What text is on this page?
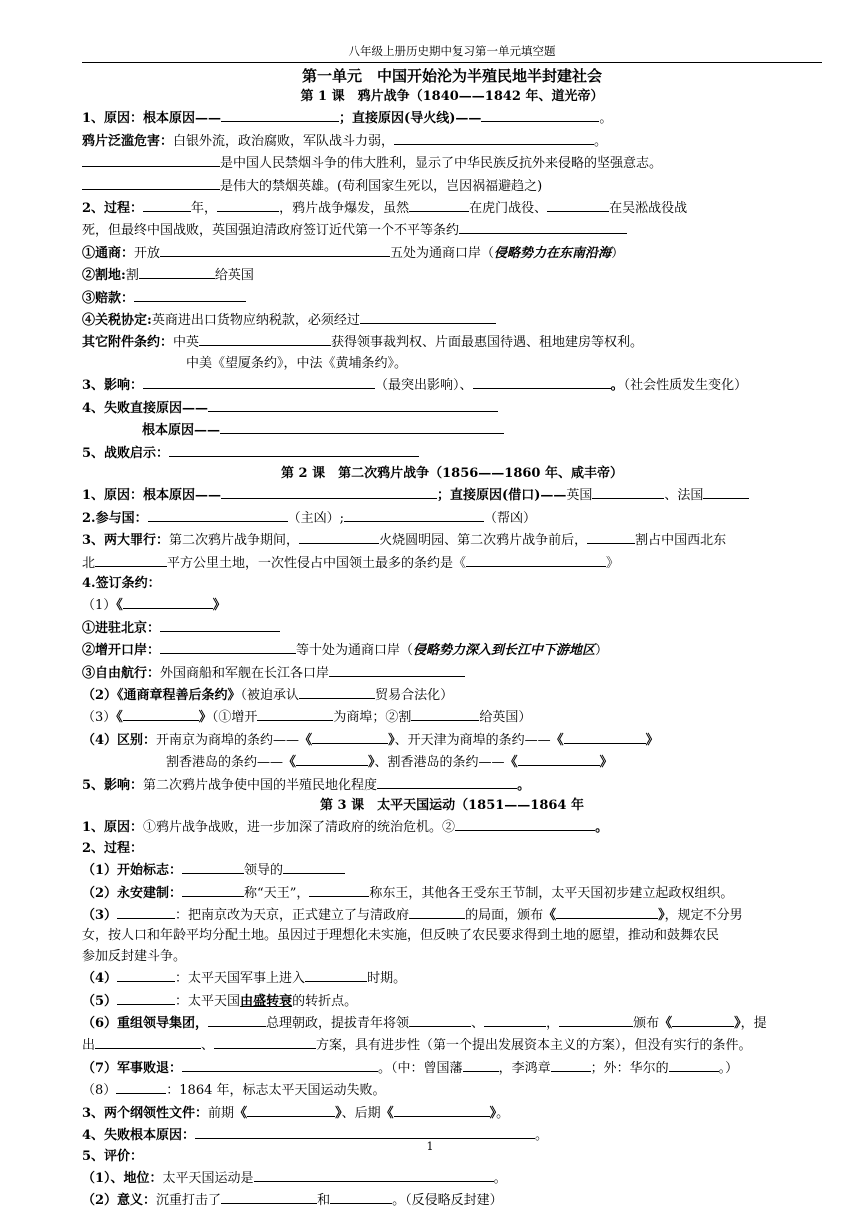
八年级上册历史期中复习第一单元填空题
第一单元　中国开始沦为半殖民地半封建社会
第 1 课　鸦片战争（1840——1842 年、道光帝）
1、原因：根本原因——	；直接原因(导火线)——	。
鸦片泛滥危害：白银外流，政治腐败，军队战斗力弱，	。
是中国人民禁烟斗争的伟大胜利，显示了中华民族反抗外来侵略的坚强意志。
是伟大的禁烟英雄。(苟利国家生死以，岂因祸福避趋之)
2、过程：	年，	，鸦片战争爆发，虽然	在虎门战役、	在吴淞战役战
死，但最终中国战败，英国强迫清政府签订近代第一个不平等条约
①通商：开放	五处为通商口岸（侵略势力在东南沿海）
②割地:割	给英国
③赔款：
④关税协定:英商进出口货物应纳税款，必须经过
其它附件条约：中英	获得领事裁判权、片面最惠国待遇、租地建房等权利。
中美《望厦条约》，中法《黄埔条约》。
3、影响：	（最突出影响）、	。（社会性质发生变化）
4、失败直接原因——
根本原因——
5、战败启示：
第 2 课　第二次鸦片战争（1856——1860 年、咸丰帝）
1、原因：根本原因——	；直接原因(借口)——英国	、法国
2.参与国：	（主凶）;	（帮凶）
3、两大罪行：第二次鸦片战争期间，	火烧圆明园、第二次鸦片战争前后，	割占中国西北东
北	平方公里土地，一次性侵占中国领土最多的条约是《	》
4.签订条约：
（1）《	》
①进驻北京：
②增开口岸：	等十处为通商口岸（侵略势力深入到长江中下游地区）
③自由航行：外国商船和军舰在长江各口岸
（2）《通商章程善后条约》（被迫承认	贸易合法化）
（3）《	》（①增开	为商埠；②割	给英国）
（4）区别：开南京为商埠的条约——《	》、开天津为商埠的条约——《	》
割香港岛的条约——《	》、割香港岛的条约——《	》
5、影响：第二次鸦片战争使中国的半殖民地化程度	。
第 3 课　太平天国运动（1851——1864 年
1、原因：①鸦片战争战败，进一步加深了清政府的统治危机。②	。
2、过程：
（1）开始标志：	领导的
（2）永安建制：	称“天王”，	称东王，其他各王受东王节制，太平天国初步建立起政权组织。
（3）	：把南京改为天京，正式建立了与清政府	的局面，颁布《	》，规定不分男
女，按人口和年龄平均分配土地。虽因过于理想化未实施，但反映了农民要求得到土地的愿望，推动和鼓舞农民
参加反封建斗争。
（4）	：太平天国军事上进入	时期。
（5）	：太平天国由盛转衰的转折点。
（6）重组领导集团，	总理朝政，提拔青年将领	、	，	颁布《	》，提
出	、	方案，具有进步性（第一个提出发展资本主义的方案），但没有实行的条件。
（7）军事败退：	。（中：曾国藩	，李鸿章	；外：华尔的	。）
（8）	：1864 年，标志太平天国运动失败。
3、两个纲领性文件：前期《	》、后期《	》。
4、失败根本原因：	。
5、评价：
（1）、地位：太平天国运动是	。
（2）意义：沉重打击了	和	。（反侵略反封建）
1
